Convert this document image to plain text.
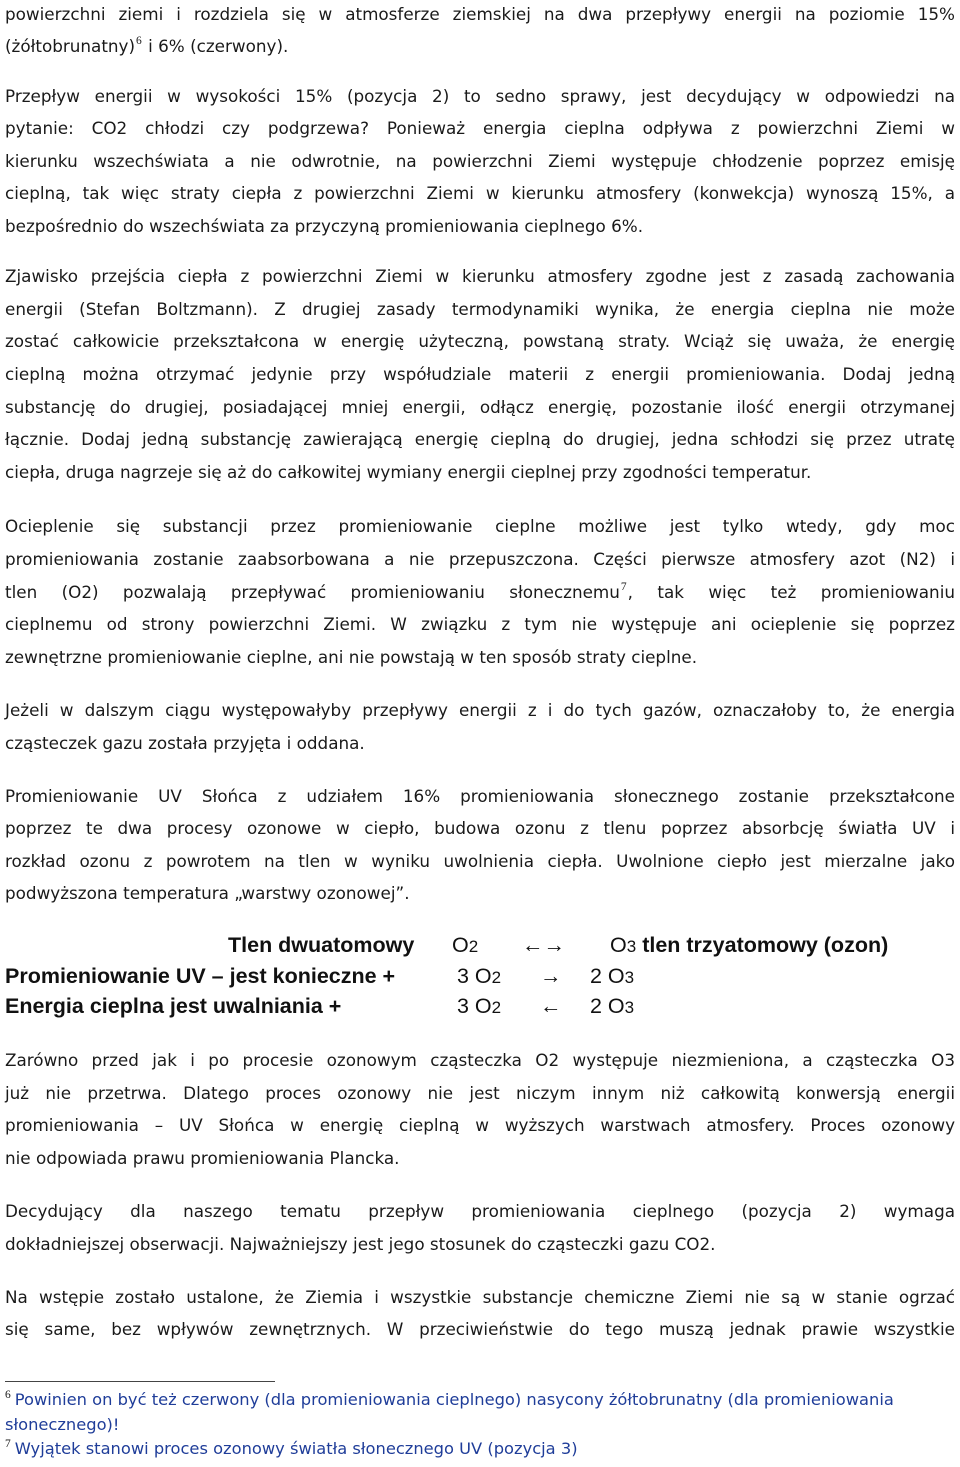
powierzchni ziemi i rozdziela się w atmosferze ziemskiej na dwa przepływy energii na poziomie 15%
(żółtobrunatny)$^6$ i 6% (czerwony).
Przepływ energii w wysokości 15% (pozycja 2) to sedno sprawy, jest decydujący w odpowiedzi na
pytanie: CO2 chłodzi czy podgrzewa? Ponieważ energia cieplna odpływa z powierzchni Ziemi w
kierunku wszechświata a nie odwrotnie, na powierzchni Ziemi występuje chłodzenie poprzez emisję
cieplną, tak więc straty ciepła z powierzchni Ziemi w kierunku atmosfery (konwekcja) wynoszą 15%, a
bezpośrednio do wszechświata za przyczyną promieniowania cieplnego 6%.
Zjawisko przejścia ciepła z powierzchni Ziemi w kierunku atmosfery zgodne jest z zasadą zachowania
energii (Stefan Boltzmann). Z drugiej zasady termodynamiki wynika, że energia cieplna nie może
zostać całkowicie przekształcona w energię użyteczną, powstaną straty. Wciąż się uważa, że energię
cieplną można otrzymać jedynie przy współudziale materii z energii promieniowania. Dodaj jedną
substancję do drugiej, posiadającej mniej energii, odłącz energię, pozostanie ilość energii otrzymanej
łącznie. Dodaj jedną substancję zawierającą energię cieplną do drugiej, jedna schłodzi się przez utratę
ciepła, druga nagrzeje się aż do całkowitej wymiany energii cieplnej przy zgodności temperatur.
Ocieplenie się substancji przez promieniowanie cieplne możliwe jest tylko wtedy, gdy moc
promieniowania zostanie zaabsorbowana a nie przepuszczona. Części pierwsze atmosfery azot (N2) i
tlen (O2) pozwalają przepływać promieniowaniu słonecznemu$^7$, tak więc też promieniowaniu
cieplnemu od strony powierzchni Ziemi. W związku z tym nie występuje ani ocieplenie się poprzez
zewnętrzne promieniowanie cieplne, ani nie powstają w ten sposób straty cieplne.
Jeżeli w dalszym ciągu występowałyby przepływy energii z i do tych gazów, oznaczałoby to, że energia
cząsteczek gazu została przyjęta i oddana.
Promieniowanie UV Słońca z udziałem 16% promieniowania słonecznego zostanie przekształcone
poprzez te dwa procesy ozonowe w ciepło, budowa ozonu z tlenu poprzez absorbcję światła UV i
rozkład ozonu z powrotem na tlen w wyniku uwolnienia ciepła. Uwolnione ciepło jest mierzalne jako
podwyższona temperatura „warstwy ozonowej”.
Tlen dwuatomowy O2 ←→ O3 tlen trzyatomowy (ozon)
Promieniowanie UV – jest konieczne +	3 O2 → 2 O3
Energia cieplna jest uwalniania +	3 O2 ← 2 O3
Zarówno przed jak i po procesie ozonowym cząsteczka O2 występuje niezmieniona, a cząsteczka O3
już nie przetrwa. Dlatego proces ozonowy nie jest niczym innym niż całkowitą konwersją energii
promieniowania – UV Słońca w energię cieplną w wyższych warstwach atmosfery. Proces ozonowy
nie odpowiada prawu promieniowania Plancka.
Decydujący dla naszego tematu przepływ promieniowania cieplnego (pozycja 2) wymaga
dokładniejszej obserwacji. Najważniejszy jest jego stosunek do cząsteczki gazu CO2.
Na wstępie zostało ustalone, że Ziemia i wszystkie substancje chemiczne Ziemi nie są w stanie ogrzać
się same, bez wpływów zewnętrznych. W przeciwieństwie do tego muszą jednak prawie wszystkie
$^6$ Powinien on być też czerwony (dla promieniowania cieplnego) nasycony żółtobrunatny (dla promieniowania
słonecznego)!
$^7$ Wyjątek stanowi proces ozonowy światła słonecznego UV (pozycja 3)
